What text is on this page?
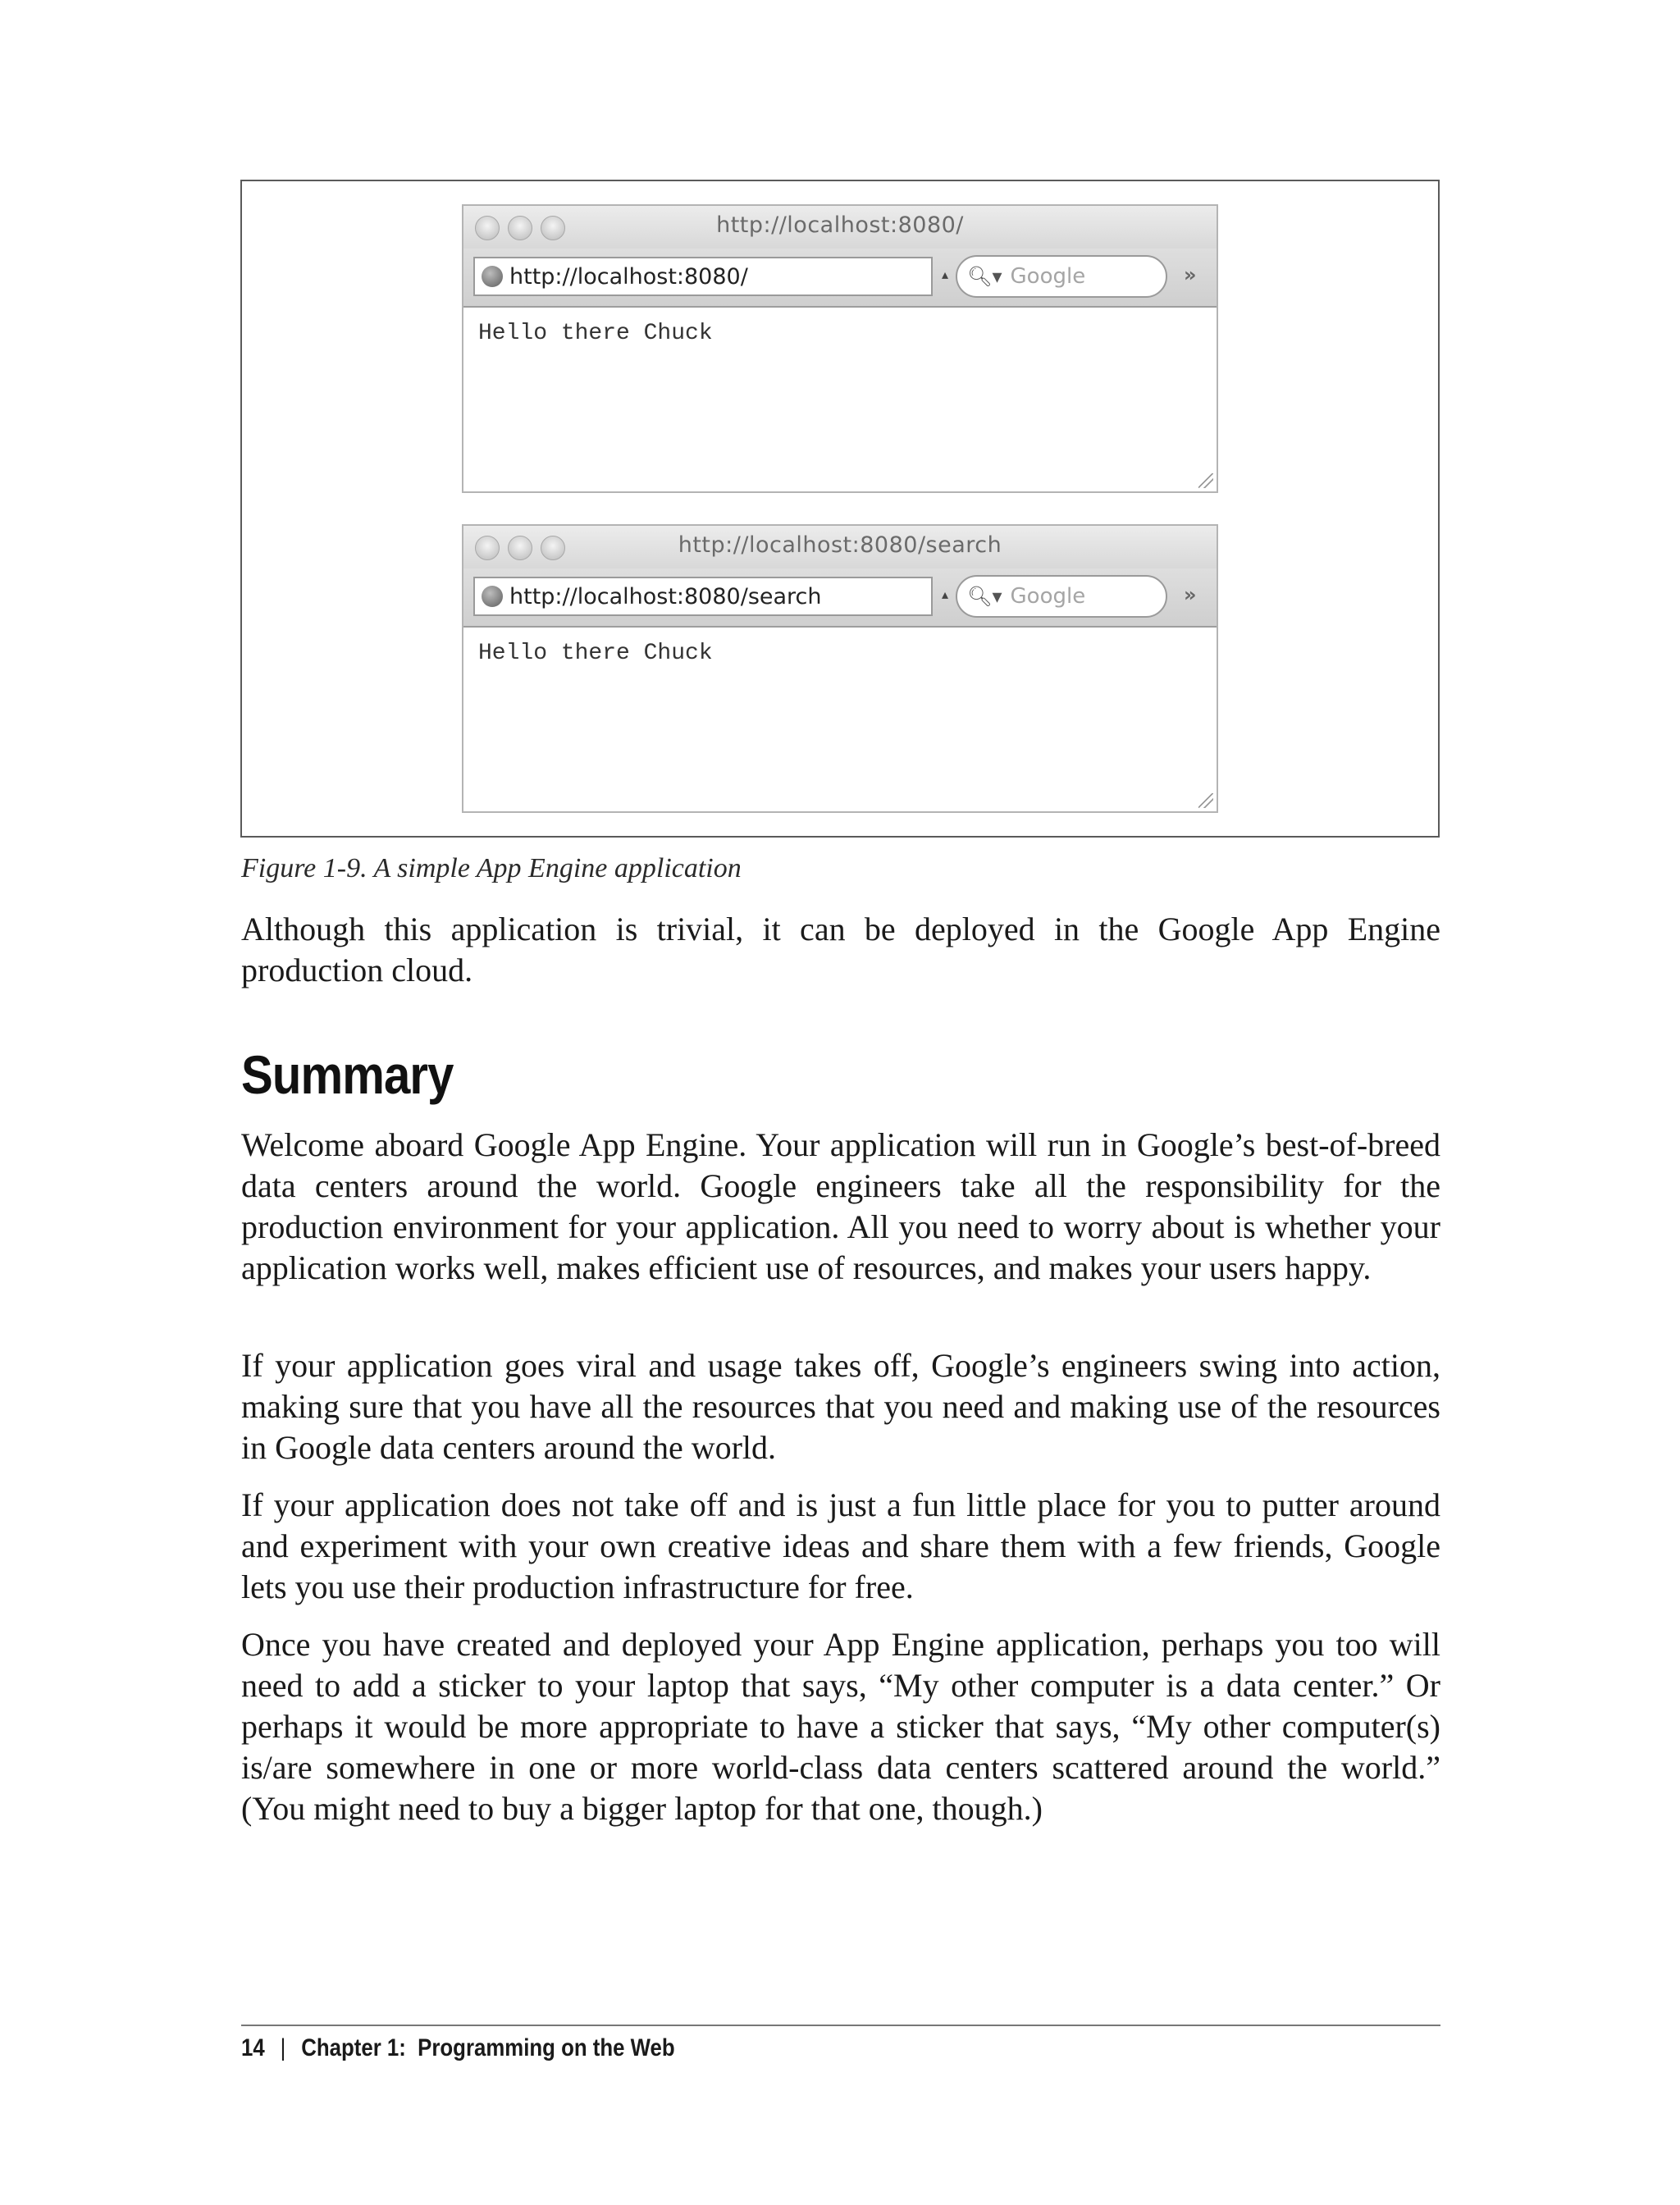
http://localhost:8080/
http://localhost:8080/	▴ 🔍︎▾ Google	»
Hello there Chuck
http://localhost:8080/search
http://localhost:8080/search	▴ 🔍︎▾ Google	»
Hello there Chuck
Figure 1-9. A simple App Engine application

Although this application is trivial, it can be deployed in the Google App Engine production cloud.

Summary

Welcome aboard Google App Engine. Your application will run in Google’s best-of-breed data centers around the world. Google engineers take all the responsibility for the production environment for your application. All you need to worry about is whether your application works well, makes efficient use of resources, and makes your users happy.

If your application goes viral and usage takes off, Google’s engineers swing into action, making sure that you have all the resources that you need and making use of the resources in Google data centers around the world.

If your application does not take off and is just a fun little place for you to putter around and experiment with your own creative ideas and share them with a few friends, Google lets you use their production infrastructure for free.

Once you have created and deployed your App Engine application, perhaps you too will need to add a sticker to your laptop that says, “My other computer is a data center.” Or perhaps it would be more appropriate to have a sticker that says, “My other computer(s) is/are somewhere in one or more world-class data centers scattered around the world.” (You might need to buy a bigger laptop for that one, though.)

14 | Chapter 1:  Programming on the Web
